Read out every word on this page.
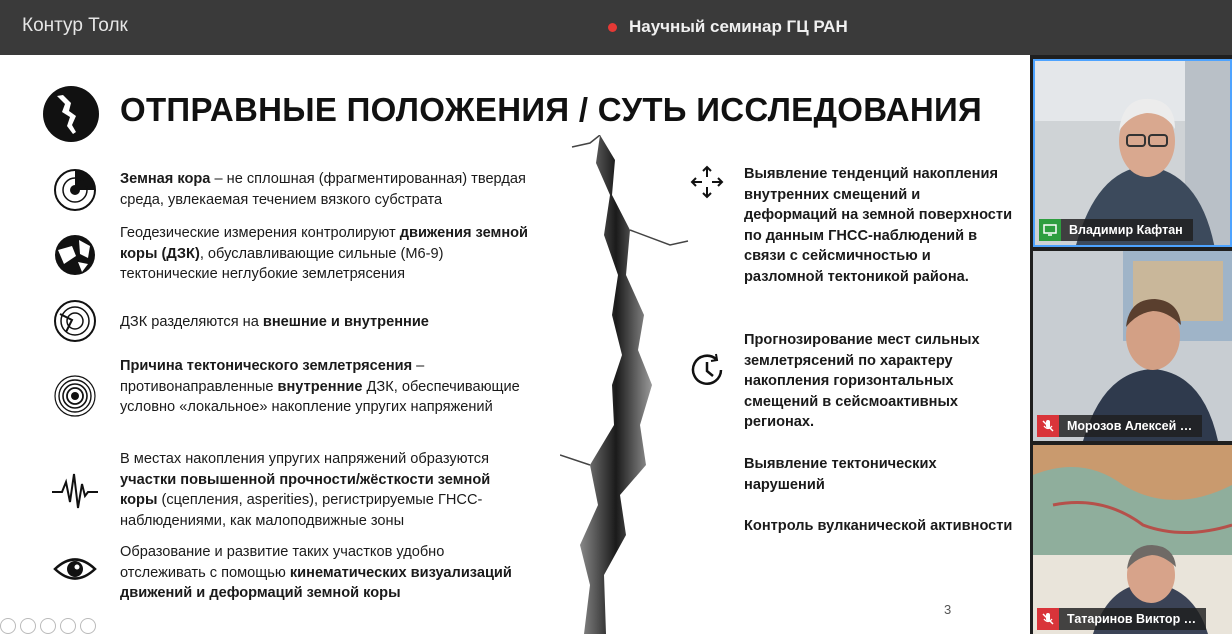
Контур Толк	Научный семинар ГЦ РАН
ОТПРАВНЫЕ ПОЛОЖЕНИЯ / СУТЬ ИССЛЕДОВАНИЯ
Земная кора – не сплошная (фрагментированная) твердая среда, увлекаемая течением вязкого субстрата
Геодезические измерения контролируют движения земной коры (ДЗК), обуславливающие сильные (М6-9) тектонические неглубокие землетрясения
ДЗК разделяются на внешние и внутренние
Причина тектонического землетрясения – противонаправленные внутренние ДЗК, обеспечивающие условно «локальное» накопление упругих напряжений
В местах накопления упругих напряжений образуются участки повышенной прочности/жёсткости земной коры (сцепления, asperities), регистрируемые ГНСС-наблюдениями, как малоподвижные зоны
Образование и развитие таких участков удобно отслеживать с помощью кинематических визуализаций движений и деформаций земной коры
Выявление тенденций накопления внутренних смещений и деформаций на земной поверхности по данным ГНСС-наблюдений в связи с сейсмичностью и разломной тектоникой района.
Прогнозирование мест сильных землетрясений по характеру накопления горизонтальных смещений в сейсмоактивных регионах.
Выявление тектонических нарушений
Контроль вулканической активности
3
Владимир Кафтан
Морозов Алексей …
Татаринов Виктор …
